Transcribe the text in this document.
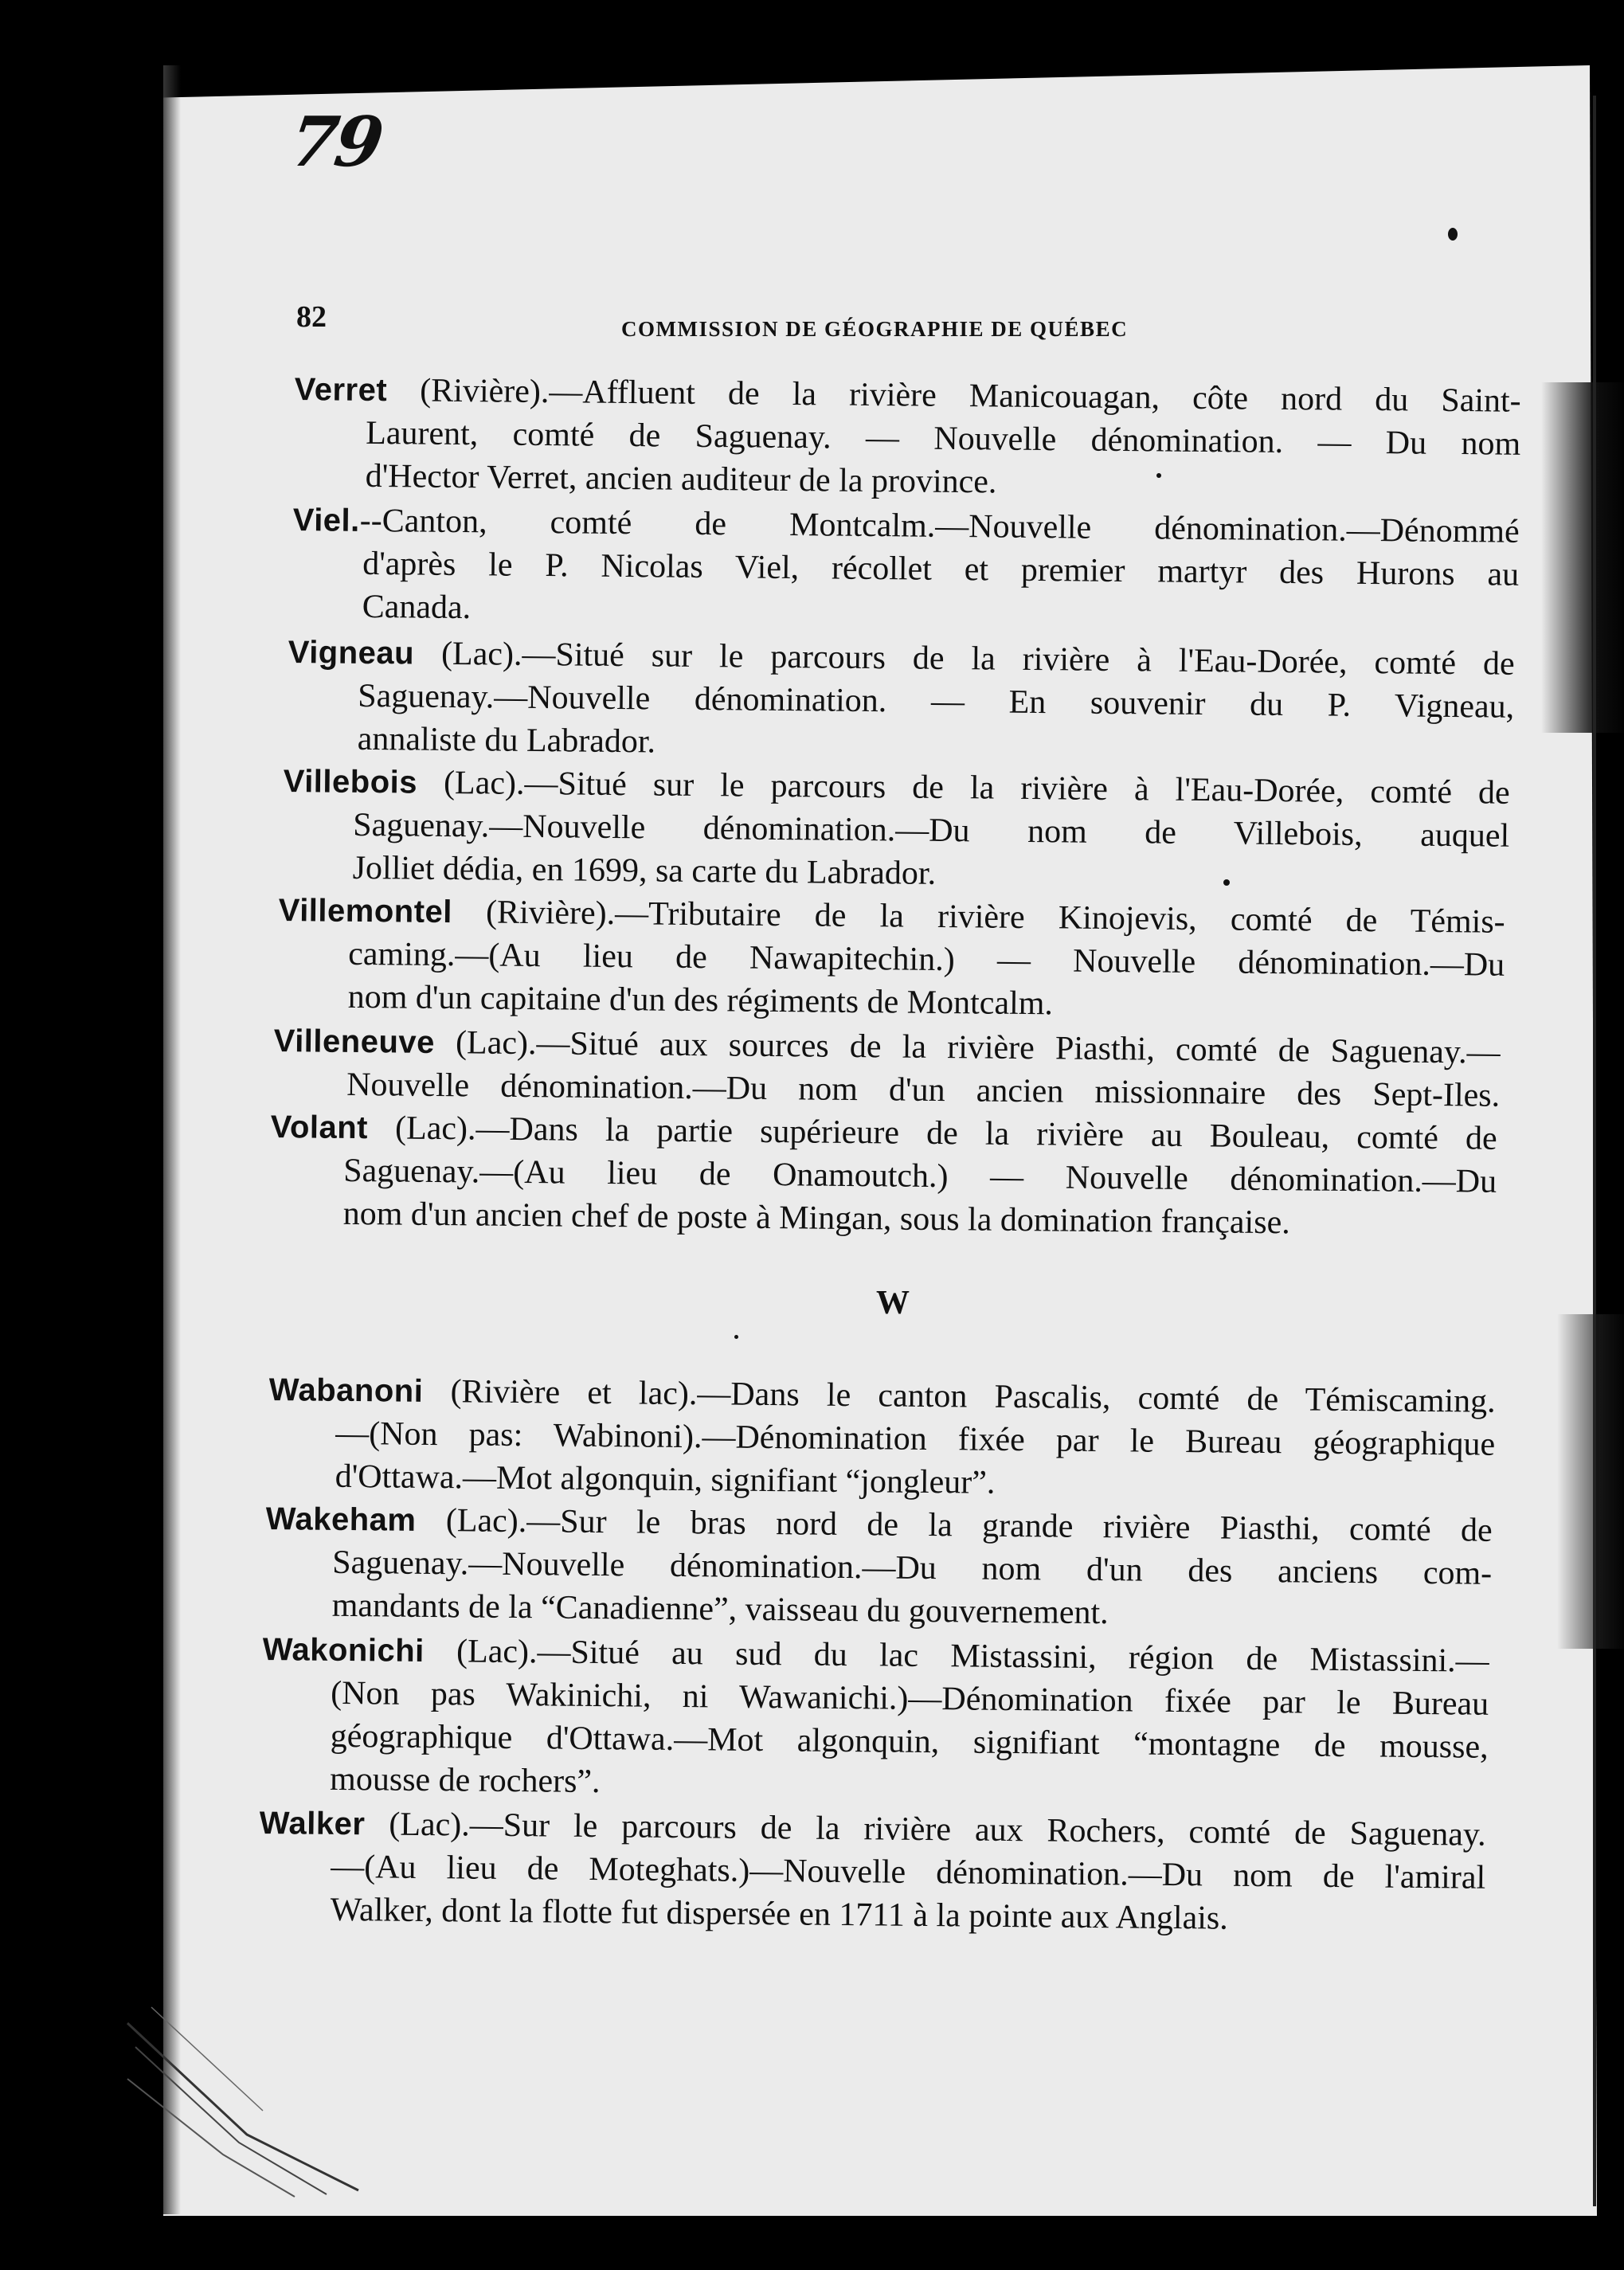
79
82	COMMISSION DE GÉOGRAPHIE DE QUÉBEC
Verret (Rivière).—Affluent de la rivière Manicouagan, côte nord du Saint-
Laurent, comté de Saguenay. — Nouvelle dénomination. — Du nom
d'Hector Verret, ancien auditeur de la province.
Viel.--Canton, comté de Montcalm.—Nouvelle dénomination.—Dénommé
d'après le P. Nicolas Viel, récollet et premier martyr des Hurons au
Canada.
Vigneau (Lac).—Situé sur le parcours de la rivière à l'Eau-Dorée, comté de
Saguenay.—Nouvelle dénomination. — En souvenir du P. Vigneau,
annaliste du Labrador.
Villebois (Lac).—Situé sur le parcours de la rivière à l'Eau-Dorée, comté de
Saguenay.—Nouvelle dénomination.—Du nom de Villebois, auquel
Jolliet dédia, en 1699, sa carte du Labrador.
Villemontel (Rivière).—Tributaire de la rivière Kinojevis, comté de Témis-
caming.—(Au lieu de Nawapitechin.) — Nouvelle dénomination.—Du
nom d'un capitaine d'un des régiments de Montcalm.
Villeneuve (Lac).—Situé aux sources de la rivière Piasthi, comté de Saguenay.—
Nouvelle dénomination.—Du nom d'un ancien missionnaire des Sept-Iles.
Volant (Lac).—Dans la partie supérieure de la rivière au Bouleau, comté de
Saguenay.—(Au lieu de Onamoutch.) — Nouvelle dénomination.—Du
nom d'un ancien chef de poste à Mingan, sous la domination française.
W
Wabanoni (Rivière et lac).—Dans le canton Pascalis, comté de Témiscaming.
—(Non pas: Wabinoni).—Dénomination fixée par le Bureau géographique
d'Ottawa.—Mot algonquin, signifiant “jongleur”.
Wakeham (Lac).—Sur le bras nord de la grande rivière Piasthi, comté de
Saguenay.—Nouvelle dénomination.—Du nom d'un des anciens com-
mandants de la “Canadienne”, vaisseau du gouvernement.
Wakonichi (Lac).—Situé au sud du lac Mistassini, région de Mistassini.—
(Non pas Wakinichi, ni Wawanichi.)—Dénomination fixée par le Bureau
géographique d'Ottawa.—Mot algonquin, signifiant “montagne de mousse,
mousse de rochers”.
Walker (Lac).—Sur le parcours de la rivière aux Rochers, comté de Saguenay.
—(Au lieu de Moteghats.)—Nouvelle dénomination.—Du nom de l'amiral
Walker, dont la flotte fut dispersée en 1711 à la pointe aux Anglais.
